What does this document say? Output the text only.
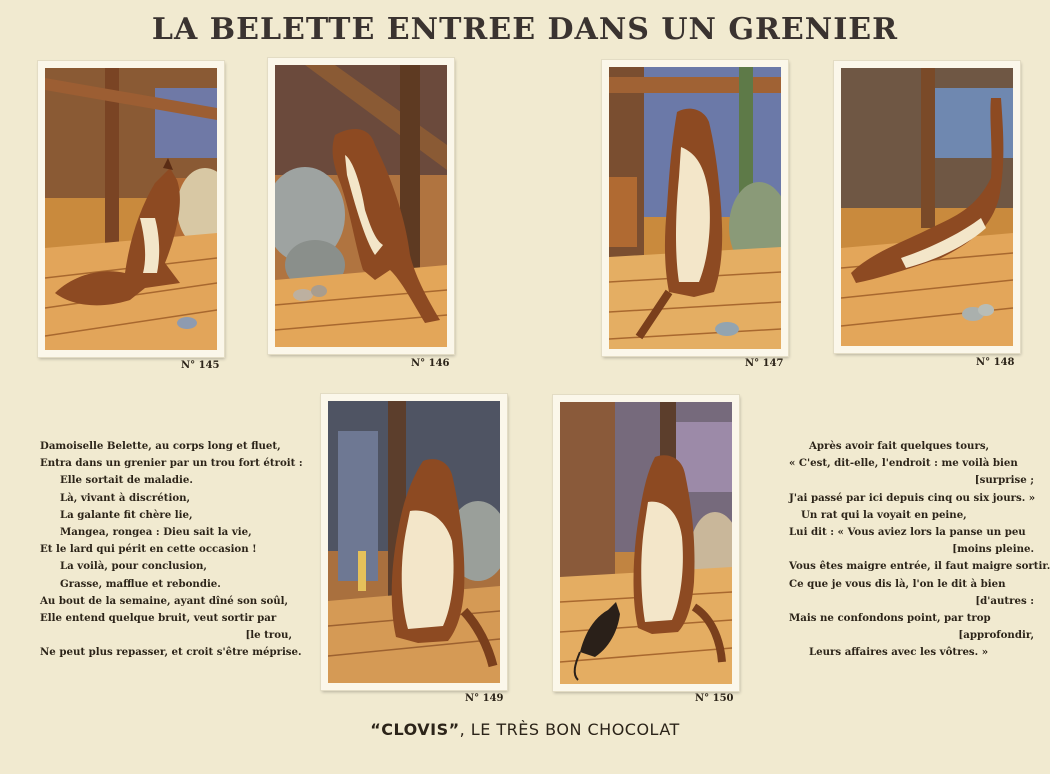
LA BELETTE ENTREE DANS UN GRENIER
N° 145	N° 146	N° 147	N° 148
N° 149	N° 150
Damoiselle Belette, au corps long et fluet,
Entra dans un grenier par un trou fort étroit :
Elle sortait de maladie.
Là, vivant à discrétion,
La galante fit chère lie,
Mangea, rongea : Dieu sait la vie,
Et le lard qui périt en cette occasion !
La voilà, pour conclusion,
Grasse, mafflue et rebondie.
Au bout de la semaine, ayant dîné son soûl,
Elle entend quelque bruit, veut sortir par
[le trou,
Ne peut plus repasser, et croit s'être méprise.
Après avoir fait quelques tours,
« C'est, dit-elle, l'endroit : me voilà bien
[surprise ;
J'ai passé par ici depuis cinq ou six jours. »
Un rat qui la voyait en peine,
Lui dit : « Vous aviez lors la panse un peu
[moins pleine.
Vous êtes maigre entrée, il faut maigre sortir.
Ce que je vous dis là, l'on le dit à bien
[d'autres :
Mais ne confondons point, par trop
[approfondir,
Leurs affaires avec les vôtres. »
“CLOVIS”, LE TRÈS BON CHOCOLAT
